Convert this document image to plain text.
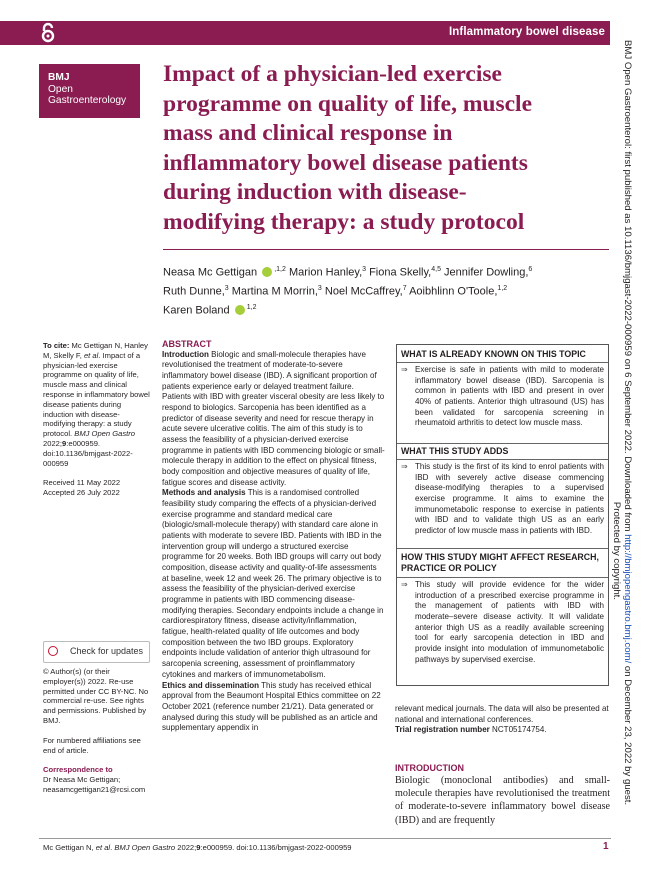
Inflammatory bowel disease
BMJ
Open
Gastroenterology
Impact of a physician-led exercise
programme on quality of life, muscle
mass and clinical response in
inflammatory bowel disease patients
during induction with disease-
modifying therapy: a study protocol
Neasa Mc Gettigan $^{,1,2}$ Marion Hanley,$^3$ Fiona Skelly,$^{4,5}$ Jennifer Dowling,$^6$
Ruth Dunne,$^3$ Martina M Morrin,$^3$ Noel McCaffrey,$^7$ Aoibhlinn O'Toole,$^{1,2}$
Karen Boland $^{1,2}$

To cite: Mc Gettigan N, Hanley M, Skelly F, et al. Impact of a physician-led exercise programme on quality of life, muscle mass and clinical response in inflammatory bowel disease patients during induction with disease-modifying therapy: a study protocol. BMJ Open Gastro 2022;9:e000959. doi:10.1136/bmjgast-2022-000959

Received 11 May 2022

Accepted 26 July 2022

Check for updates

© Author(s) (or their employer(s)) 2022. Re-use permitted under CC BY-NC. No commercial re-use. See rights and permissions. Published by BMJ.

For numbered affiliations see end of article.

Correspondence to

Dr Neasa Mc Gettigan;

neasamcgettigan21@rcsi.com

ABSTRACT

Introduction Biologic and small-molecule therapies have revolutionised the treatment of moderate-to-severe inflammatory bowel disease (IBD). A significant proportion of patients experience early or delayed treatment failure. Patients with IBD with greater visceral obesity are less likely to respond to biologics. Sarcopenia has been identified as a predictor of disease severity and need for rescue therapy in acute severe ulcerative colitis. The aim of this study is to assess the feasibility of a physician-derived exercise programme in patients with IBD commencing biologic or small-molecule therapy in addition to the effect on physical fitness, body composition and objective measures of quality of life, fatigue scores and disease activity.

Methods and analysis This is a randomised controlled feasibility study comparing the effects of a physician-derived exercise programme and standard medical care (biologic/small-molecule therapy) with standard care alone in patients with moderate to severe IBD. Patients with IBD in the intervention group will undergo a structured exercise programme for 20 weeks. Both IBD groups will carry out body composition, disease activity and quality-of-life assessments at baseline, week 12 and week 26. The primary objective is to assess the feasibility of the physician-derived exercise programme in patients with IBD commencing disease-modifying therapies. Secondary endpoints include a change in cardiorespiratory fitness, disease activity/inflammation, fatigue, health-related quality of life outcomes and body composition between the two IBD groups. Exploratory endpoints include validation of anterior thigh ultrasound for sarcopenia screening, assessment of proinflammatory cytokines and markers of immunometabolism.

Ethics and dissemination This study has received ethical approval from the Beaumont Hospital Ethics committee on 22 October 2021 (reference number 21/21). Data generated or analysed during this study will be published as an article and supplementary appendix in

WHAT IS ALREADY KNOWN ON THIS TOPIC
⇒ Exercise is safe in patients with mild to moderate inflammatory bowel disease (IBD). Sarcopenia is common in patients with IBD and present in over 40% of patients. Anterior thigh ultrasound (US) has been validated for sarcopenia screening in rheumatoid arthritis to detect low muscle mass.
WHAT THIS STUDY ADDS
⇒ This study is the first of its kind to enrol patients with IBD with severely active disease commencing disease-modifying therapies to a supervised exercise programme. It aims to examine the immunometabolic response to exercise in patients with IBD and to validate thigh US as an early predictor of low muscle mass in patients with IBD.
HOW THIS STUDY MIGHT AFFECT RESEARCH,
PRACTICE OR POLICY
⇒ This study will provide evidence for the wider introduction of a prescribed exercise programme in the management of patients with IBD with moderate–severe disease activity. It will validate anterior thigh US as a readily available screening tool for early sarcopenia detection in IBD and provide insight into modulation of immunometabolic pathways by supervised exercise.

relevant medical journals. The data will also be presented at national and international conferences.

Trial registration number NCT05174754.

INTRODUCTION
Biologic (monoclonal antibodies) and small-molecule therapies have revolutionised the treatment of moderate-to-severe inflammatory bowel disease (IBD) and are frequently
Mc Gettigan N, et al. BMJ Open Gastro 2022;9:e000959. doi:10.1136/bmjgast-2022-000959	1
BMJ Open Gastroenterol: first published as 10.1136/bmjgast-2022-000959 on 6 September 2022. Downloaded from http://bmjopengastro.bmj.com/ on December 23, 2022 by guest.
Protected by copyright.
